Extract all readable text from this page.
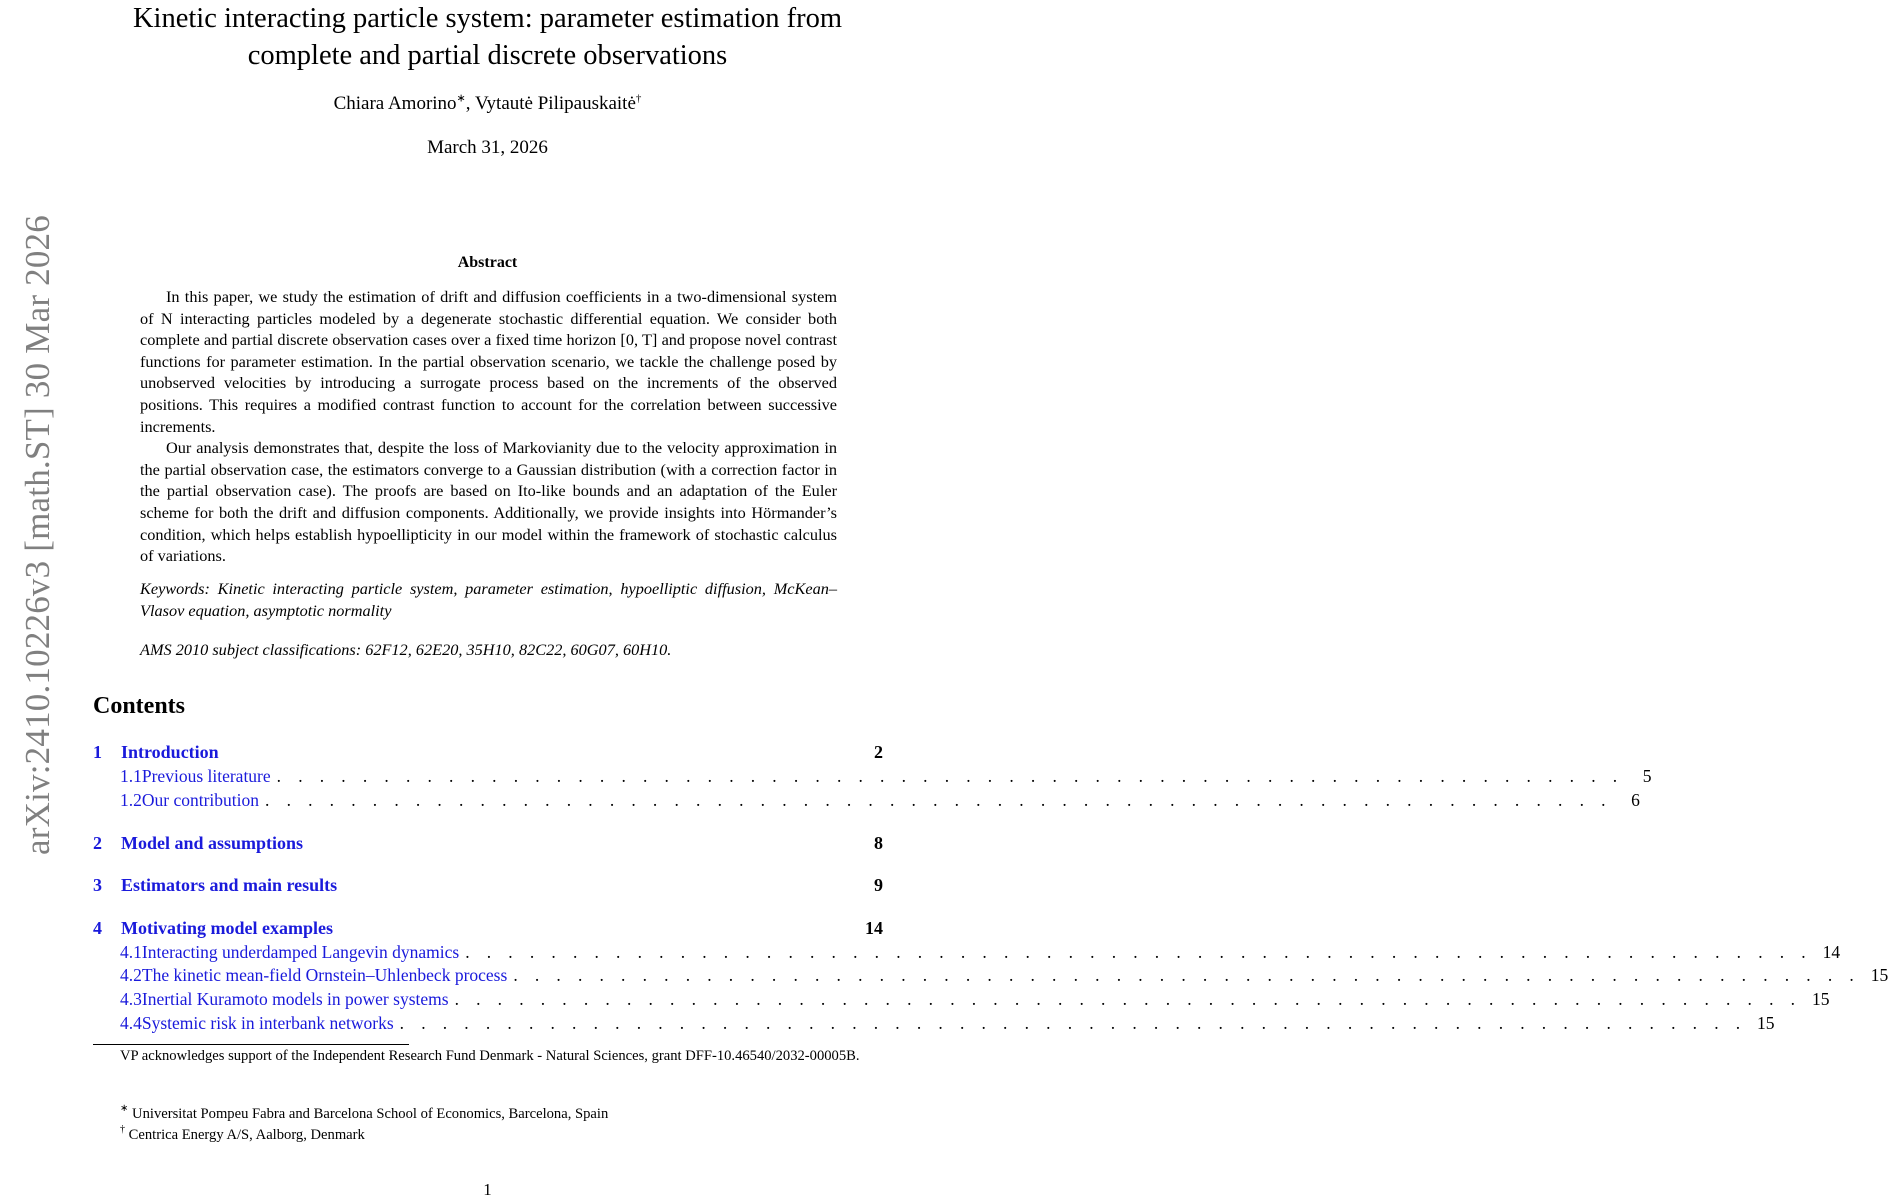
arXiv:2410.10226v3 [math.ST] 30 Mar 2026
Kinetic interacting particle system: parameter estimation from
complete and partial discrete observations
Chiara Amorino∗, Vytautė Pilipauskaitė†
March 31, 2026
Abstract

In this paper, we study the estimation of drift and diffusion coefficients in a two-dimensional system of N interacting particles modeled by a degenerate stochastic differential equation. We consider both complete and partial discrete observation cases over a fixed time horizon [0, T] and propose novel contrast functions for parameter estimation. In the partial observation scenario, we tackle the challenge posed by unobserved velocities by introducing a surrogate process based on the increments of the observed positions. This requires a modified contrast function to account for the correlation between successive increments.

Our analysis demonstrates that, despite the loss of Markovianity due to the velocity approximation in the partial observation case, the estimators converge to a Gaussian distribution (with a correction factor in the partial observation case). The proofs are based on Ito-like bounds and an adaptation of the Euler scheme for both the drift and diffusion components. Additionally, we provide insights into Hörmander’s condition, which helps establish hypoellipticity in our model within the framework of stochastic calculus of variations.

Keywords: Kinetic interacting particle system, parameter estimation, hypoelliptic diffusion, McKean–Vlasov equation, asymptotic normality
AMS 2010 subject classifications: 62F12, 62E20, 35H10, 82C22, 60G07, 60H10.
Contents
1	Introduction	2
1.1 Previous literature . . . . . . . . . . . . . . . . . . . . . . . . . . . . . . . . . . . . . . . . . . . . . . . . . . . . . . . . . . . . . . .	5
1.2 Our contribution . . . . . . . . . . . . . . . . . . . . . . . . . . . . . . . . . . . . . . . . . . . . . . . . . . . . . . . . . . . . . . .	6
2	Model and assumptions	8
3	Estimators and main results	9
4	Motivating model examples	14
4.1 Interacting underdamped Langevin dynamics . . . . . . . . . . . . . . . . . . . . . . . . . . . . . . . . . . . . . . . . . . . . . . . . . . . . . . . . . . . . . . . 14
4.2 The kinetic mean-field Ornstein–Uhlenbeck process . . . . . . . . . . . . . . . . . . . . . . . . . . . . . . . . . . . . . . . . . . . . . . . . . . . . . . . . . . . . . . . 15
4.3 Inertial Kuramoto models in power systems . . . . . . . . . . . . . . . . . . . . . . . . . . . . . . . . . . . . . . . . . . . . . . . . . . . . . . . . . . . . . . . 15
4.4 Systemic risk in interbank networks . . . . . . . . . . . . . . . . . . . . . . . . . . . . . . . . . . . . . . . . . . . . . . . . . . . . . . . . . . . . . . . 15

VP acknowledges support of the Independent Research Fund Denmark - Natural Sciences, grant DFF-10.46540/2032-00005B.

∗ Universitat Pompeu Fabra and Barcelona School of Economics, Barcelona, Spain

† Centrica Energy A/S, Aalborg, Denmark

1
